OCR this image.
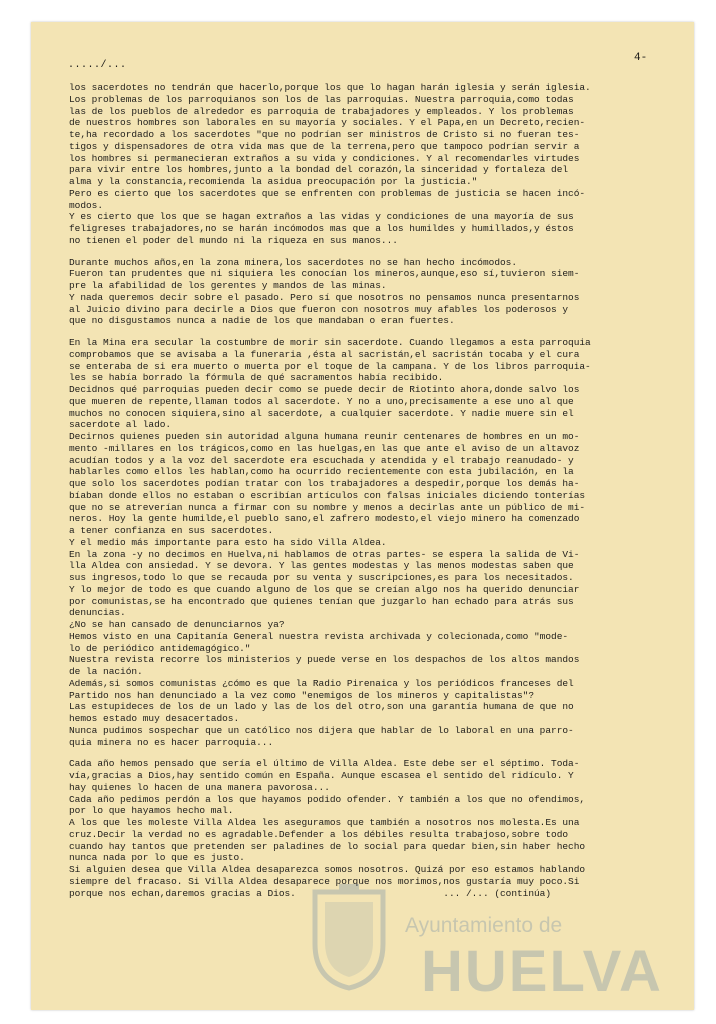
...../...
4-
los sacerdotes no tendrán que hacerlo,porque los que lo hagan harán iglesia y serán iglesia.
Los problemas de los parroquianos son los de las parroquias. Nuestra parroquia,como todas
las de los pueblos de alrededor es parroquia de trabajadores y empleados. Y los problemas
de nuestros hombres son laborales en su mayoría y sociales. Y el Papa,en un Decreto,recien-
te,ha recordado a los sacerdotes "que no podrían ser ministros de Cristo si no fueran tes-
tigos y dispensadores de otra vida mas que de la terrena,pero que tampoco podrían servir a
los hombres si permanecieran extraños a su vida y condiciones. Y al recomendarles virtudes
para vivir entre los hombres,junto a la bondad del corazón,la sinceridad y fortaleza del
alma y la constancia,recomienda la asidua preocupación por la justicia."
Pero es cierto que los sacerdotes que se enfrenten con problemas de justicia se hacen incó-
modos.
Y es cierto que los que se hagan extraños a las vidas y condiciones de una mayoría de sus
feligreses trabajadores,no se harán incómodos mas que a los humildes y humillados,y éstos
no tienen el poder del mundo ni la riqueza en sus manos...
Durante muchos años,en la zona minera,los sacerdotes no se han hecho incómodos.
Fueron tan prudentes que ni siquiera les conocían los mineros,aunque,eso sí,tuvieron siem-
pre la afabilidad de los gerentes y mandos de las minas.
Y nada queremos decir sobre el pasado. Pero sí que nosotros no pensamos nunca presentarnos
al Juicio divino para decirle a Dios que fueron con nosotros muy afables los poderosos y
que no disgustamos nunca a nadie de los que mandaban o eran fuertes.
En la Mina era secular la costumbre de morir sin sacerdote. Cuando llegamos a esta parroquia
comprobamos que se avisaba a la funeraria ,ésta al sacristán,el sacristán tocaba y el cura
se enteraba de si era muerto o muerta por el toque de la campana. Y de los libros parroquia-
les se había borrado la fórmula de qué sacramentos había recibido.
Decidnos qué parroquias pueden decir como se puede decir de Riotinto ahora,donde salvo los
que mueren de repente,llaman todos al sacerdote. Y no a uno,precisamente a ese uno al que
muchos no conocen siquiera,sino al sacerdote, a cualquier sacerdote. Y nadie muere sin el
sacerdote al lado.
Decirnos quienes pueden sin autoridad alguna humana reunir centenares de hombres en un mo-
mento -millares en los trágicos,como en las huelgas,en las que ante el aviso de un altavoz
acudían todos y a la voz del sacerdote era escuchada y atendida y el trabajo reanudado- y
hablarles como ellos les hablan,como ha ocurrido recientemente con esta jubilación, en la
que solo los sacerdotes podían tratar con los trabajadores a despedir,porque los demás ha-
bíaban donde ellos no estaban o escribían artículos con falsas iniciales diciendo tonterías
que no se atreverían nunca a firmar con su nombre y menos a decirlas ante un público de mi-
neros. Hoy la gente humilde,el pueblo sano,el zafrero modesto,el viejo minero ha comenzado
a tener confianza en sus sacerdotes.
Y el medio más importante para esto ha sido Villa Aldea.
En la zona -y no decimos en Huelva,ni hablamos de otras partes- se espera la salida de Vi-
lla Aldea con ansiedad. Y se devora. Y las gentes modestas y las menos modestas saben que
sus ingresos,todo lo que se recauda por su venta y suscripciones,es para los necesitados.
Y lo mejor de todo es que cuando alguno de los que se creían algo nos ha querido denunciar
por comunistas,se ha encontrado que quienes tenían que juzgarlo han echado para atrás sus
denuncias.
¿No se han cansado de denunciarnos ya?
Hemos visto en una Capitanía General nuestra revista archivada y colecionada,como "mode-
lo de periódico antidemagógico."
Nuestra revista recorre los ministerios y puede verse en los despachos de los altos mandos
de la nación.
Además,si somos comunistas ¿cómo es que la Radio Pirenaica y los periódicos franceses del
Partido nos han denunciado a la vez como "enemigos de los mineros y capitalistas"?
Las estupideces de los de un lado y las de los del otro,son una garantía humana de que no
hemos estado muy desacertados.
Nunca pudimos sospechar que un católico nos dijera que hablar de lo laboral en una parro-
quia minera no es hacer parroquia...
Cada año hemos pensado que sería el último de Villa Aldea. Este debe ser el séptimo. Toda-
vía,gracias a Dios,hay sentido común en España. Aunque escasea el sentido del ridículo. Y
hay quienes lo hacen de una manera pavorosa...
Cada año pedimos perdón a los que hayamos podido ofender. Y también a los que no ofendimos,
por lo que hayamos hecho mal.
A los que les moleste Villa Aldea les aseguramos que también a nosotros nos molesta.Es una
cruz.Decir la verdad no es agradable.Defender a los débiles resulta trabajoso,sobre todo
cuando hay tantos que pretenden ser paladines de lo social para quedar bien,sin haber hecho
nunca nada por lo que es justo.
Si alguien desea que Villa Aldea desaparezca somos nosotros. Quizá por eso estamos hablando
siempre del fracaso. Si Villa Aldea desaparece porque nos morimos,nos gustaría muy poco.Si
porque nos echan,daremos gracias a Dios.                          ... /... (continúa)
Ayuntamiento de
HUELVA
